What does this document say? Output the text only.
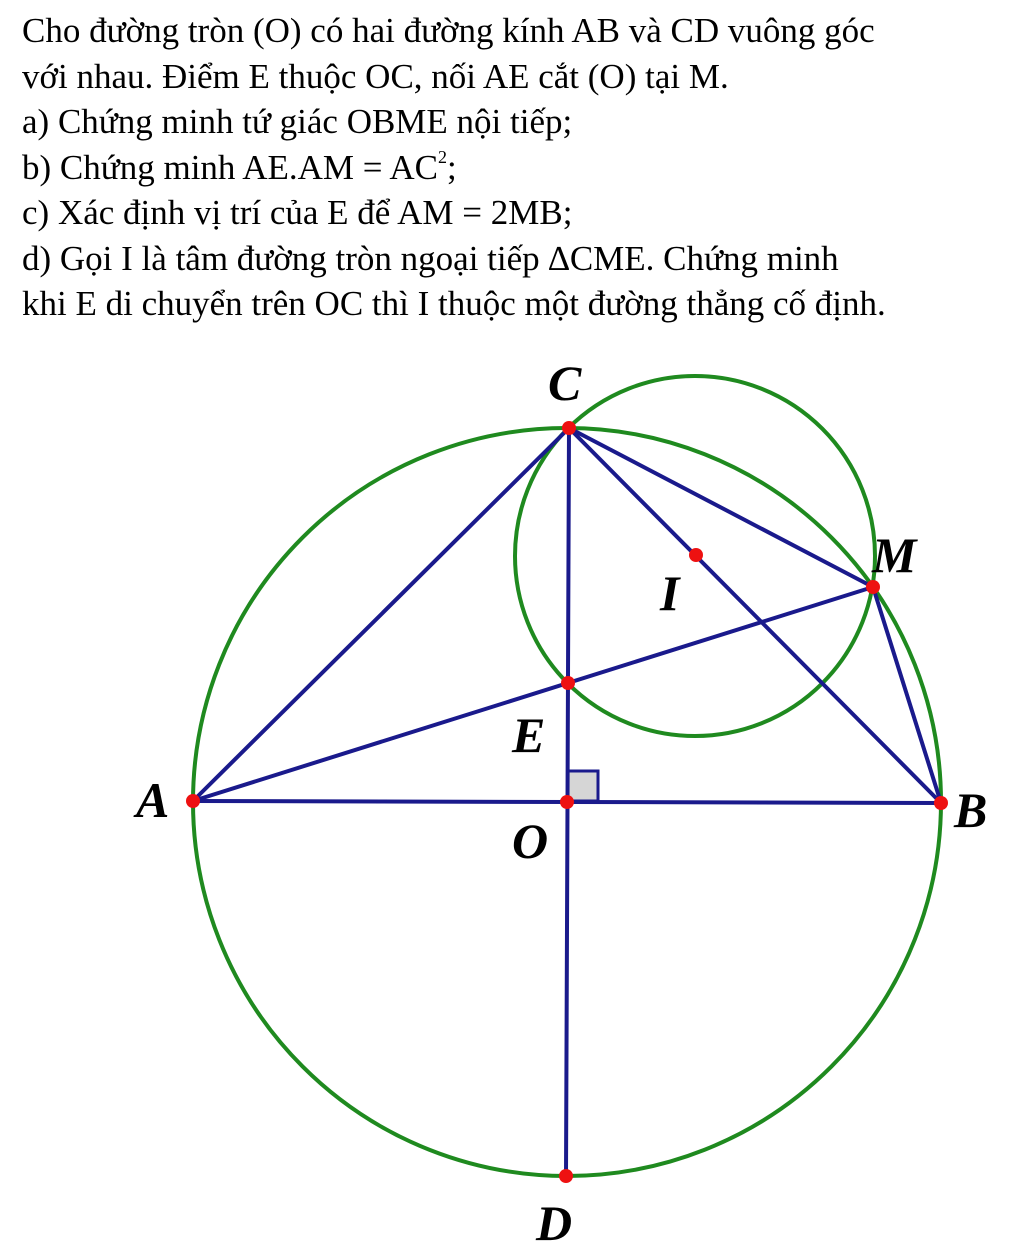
Cho đường tròn (O) có hai đường kính AB và CD vuông góc
với nhau. Điểm E thuộc OC, nối AE cắt (O) tại M.
a) Chứng minh tứ giác OBME nội tiếp;
b) Chứng minh $AE.AM = AC^2$;
c) Xác định vị trí của E để AM = 2MB;
d) Gọi I là tâm đường tròn ngoại tiếp ∆CME. Chứng minh
khi E di chuyển trên OC thì I thuộc một đường thẳng cố định.
C
M
I
E
A
O
B
D
